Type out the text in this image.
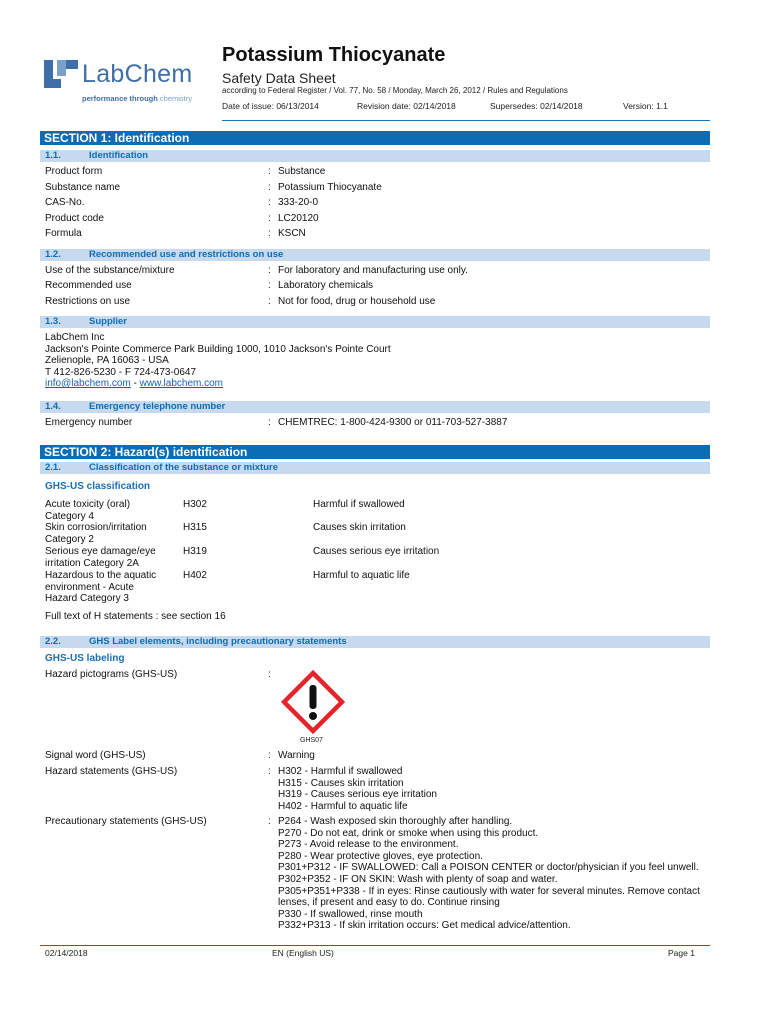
LabChem
performance through chemistry
Potassium Thiocyanate
Safety Data Sheet
according to Federal Register / Vol. 77, No. 58 / Monday, March 26, 2012 / Rules and Regulations
Date of issue: 06/13/2014	Revision date: 02/14/2018	Supersedes: 02/14/2018	Version: 1.1
SECTION 1: Identification
1.1.	Identification
Product form	: Substance
Substance name	: Potassium Thiocyanate
CAS-No.	: 333-20-0
Product code	: LC20120
Formula	: KSCN
1.2.	Recommended use and restrictions on use
Use of the substance/mixture	: For laboratory and manufacturing use only.
Recommended use	: Laboratory chemicals
Restrictions on use	: Not for food, drug or household use
1.3.	Supplier
LabChem Inc
Jackson's Pointe Commerce Park Building 1000, 1010 Jackson's Pointe Court
Zelienople, PA 16063 - USA
T 412-826-5230 - F 724-473-0647
info@labchem.com - www.labchem.com
1.4.	Emergency telephone number
Emergency number	: CHEMTREC: 1-800-424-9300 or 011-703-527-3887
SECTION 2: Hazard(s) identification
2.1.	Classification of the substance or mixture
GHS-US classification
Acute toxicity (oral)
Category 4
H302	Harmful if swallowed
Skin corrosion/irritation
Category 2
H315	Causes skin irritation
Serious eye damage/eye
irritation Category 2A
H319	Causes serious eye irritation
Hazardous to the aquatic
environment - Acute
Hazard Category 3
H402	Harmful to aquatic life
Full text of H statements : see section 16
2.2.	GHS Label elements, including precautionary statements
GHS-US labeling
Hazard pictograms (GHS-US)	:
GHS07
Signal word (GHS-US)	: Warning
Hazard statements (GHS-US)	: H302 - Harmful if swallowed
H315 - Causes skin irritation
H319 - Causes serious eye irritation
H402 - Harmful to aquatic life
Precautionary statements (GHS-US)	: P264 - Wash exposed skin thoroughly after handling.
P270 - Do not eat, drink or smoke when using this product.
P273 - Avoid release to the environment.
P280 - Wear protective gloves, eye protection.
P301+P312 - IF SWALLOWED: Call a POISON CENTER or doctor/physician if you feel unwell.
P302+P352 - IF ON SKIN: Wash with plenty of soap and water.
P305+P351+P338 - If in eyes: Rinse cautiously with water for several minutes. Remove contact
lenses, if present and easy to do. Continue rinsing
P330 - If swallowed, rinse mouth
P332+P313 - If skin irritation occurs: Get medical advice/attention.
02/14/2018	EN (English US)	Page 1
